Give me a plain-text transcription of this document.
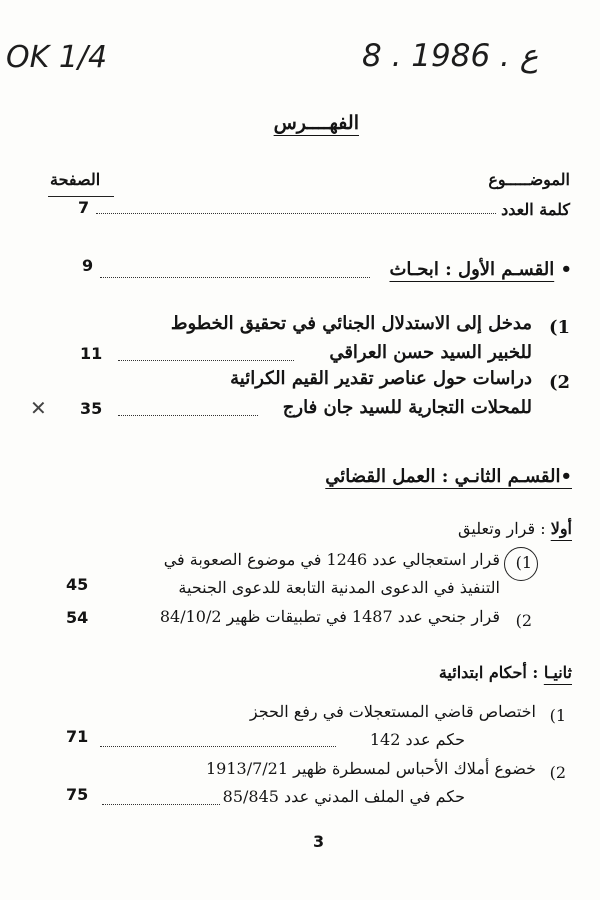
OK 1/4	8 . ع . 1986
الفهــــرس
الموضـــــوع
الصفحة
كلمة العدد
7
• القسـم الأول : ابحـاث
9
1)
مدخل إلى الاستدلال الجنائي في تحقيق الخطوط
للخبير السيد حسن العراقي
11
2)
دراسات حول عناصر تقدير القيم الكرائية
للمحلات التجارية للسيد جان فارج
35
✕
•القسـم الثانـي : العمل القضائي
أولا : قرار وتعليق
1)
قرار استعجالي عدد 1246 في موضوع الصعوبة في
التنفيذ في الدعوى المدنية التابعة للدعوى الجنحية
45
2)
قرار جنحي عدد 1487 في تطبيقات ظهير 84/10/2
54
ثانيـا : أحكام ابتدائية
1)
اختصاص قاضي المستعجلات في رفع الحجز
حكم عدد 142
71
2)
خضوع أملاك الأحباس لمسطرة ظهير 1913/7/21
حكم في الملف المدني عدد 85/845
75
3
